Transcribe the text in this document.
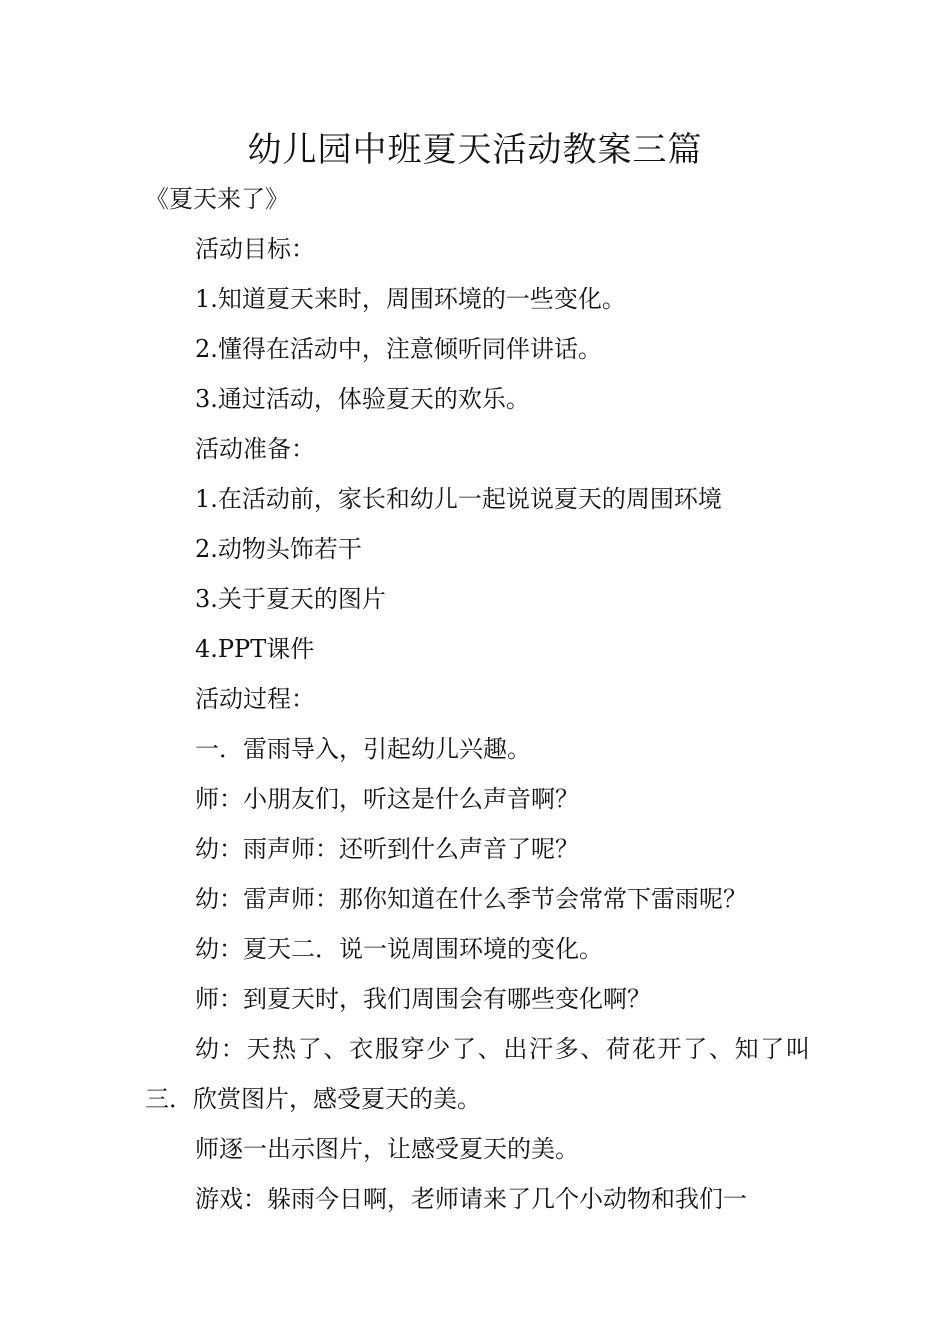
幼儿园中班夏天活动教案三篇

《夏天来了》

活动目标：

1.知道夏天来时，周围环境的一些变化。

2.懂得在活动中，注意倾听同伴讲话。

3.通过活动，体验夏天的欢乐。

活动准备：

1.在活动前，家长和幼儿一起说说夏天的周围环境

2.动物头饰若干

3.关于夏天的图片

4.PPT课件

活动过程：

一．雷雨导入，引起幼儿兴趣。

师：小朋友们，听这是什么声音啊？

幼：雨声师：还听到什么声音了呢？

幼：雷声师：那你知道在什么季节会常常下雷雨呢？

幼：夏天二．说一说周围环境的变化。

师：到夏天时，我们周围会有哪些变化啊？

幼：天热了、衣服穿少了、出汗多、荷花开了、知了叫三．欣赏图片，感受夏天的美。

师逐一出示图片，让感受夏天的美。

游戏：躲雨今日啊，老师请来了几个小动物和我们一
